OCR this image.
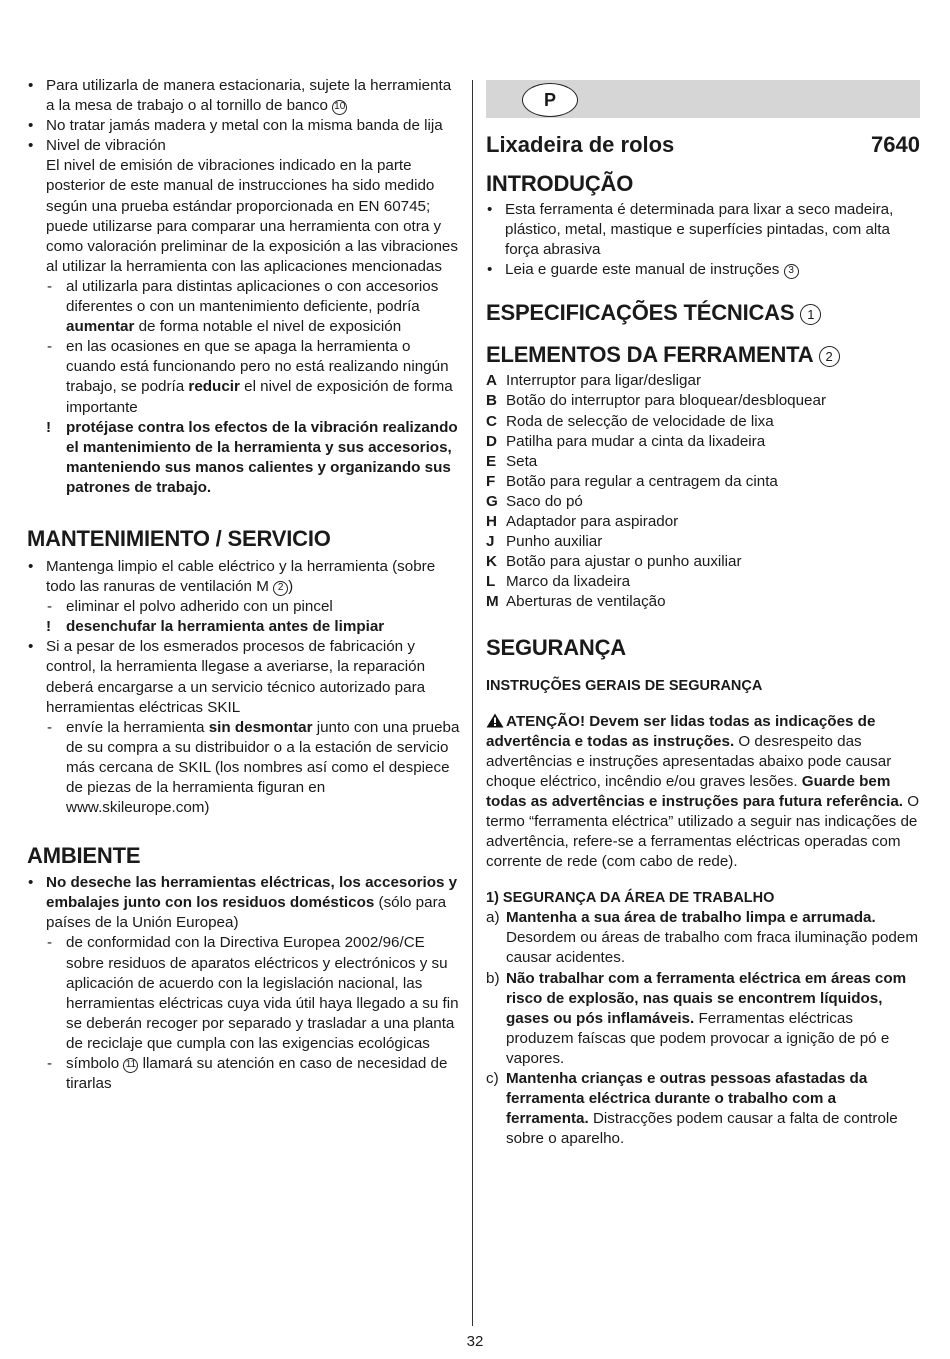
• Para utilizarla de manera estacionaria, sujete la herramienta a la mesa de trabajo o al tornillo de banco 10
• No tratar jamás madera y metal con la misma banda de lija
• Nivel de vibración
El nivel de emisión de vibraciones indicado en la parte posterior de este manual de instrucciones ha sido medido según una prueba estándar proporcionada en EN 60745; puede utilizarse para comparar una herramienta con otra y como valoración preliminar de la exposición a las vibraciones al utilizar la herramienta con las aplicaciones mencionadas
- al utilizarla para distintas aplicaciones o con accesorios diferentes o con un mantenimiento deficiente, podría aumentar de forma notable el nivel de exposición
- en las ocasiones en que se apaga la herramienta o cuando está funcionando pero no está realizando ningún trabajo, se podría reducir el nivel de exposición de forma importante
! protéjase contra los efectos de la vibración realizando el mantenimiento de la herramienta y sus accesorios, manteniendo sus manos calientes y organizando sus patrones de trabajo.
MANTENIMIENTO / SERVICIO
• Mantenga limpio el cable eléctrico y la herramienta (sobre todo las ranuras de ventilación M 2 )
- eliminar el polvo adherido con un pincel
! desenchufar la herramienta antes de limpiar
• Si a pesar de los esmerados procesos de fabricación y control, la herramienta llegase a averiarse, la reparación deberá encargarse a un servicio técnico autorizado para herramientas eléctricas SKIL
- envíe la herramienta sin desmontar junto con una prueba de su compra a su distribuidor o a la estación de servicio más cercana de SKIL (los nombres así como el despiece de piezas de la herramienta figuran en www.skileurope.com)
AMBIENTE
• No deseche las herramientas eléctricas, los accesorios y embalajes junto con los residuos domésticos (sólo para países de la Unión Europea)
- de conformidad con la Directiva Europea 2002/96/CE sobre residuos de aparatos eléctricos y electrónicos y su aplicación de acuerdo con la legislación nacional, las herramientas eléctricas cuya vida útil haya llegado a su fin se deberán recoger por separado y trasladar a una planta de reciclaje que cumpla con las exigencias ecológicas
- símbolo 11 llamará su atención en caso de necesidad de tirarlas
P
Lixadeira de rolos	7640
INTRODUÇÃO
• Esta ferramenta é determinada para lixar a seco madeira, plástico, metal, mastique e superfícies pintadas, com alta força abrasiva
• Leia e guarde este manual de instruções 3
ESPECIFICAÇÕES TÉCNICAS 1
ELEMENTOS DA FERRAMENTA 2
A Interruptor para ligar/desligar
B Botão do interruptor para bloquear/desbloquear
C Roda de selecção de velocidade de lixa
D Patilha para mudar a cinta da lixadeira
E Seta
F Botão para regular a centragem da cinta
G Saco do pó
H Adaptador para aspirador
J Punho auxiliar
K Botão para ajustar o punho auxiliar
L Marco da lixadeira
M Aberturas de ventilação
SEGURANÇA
INSTRUÇÕES GERAIS DE SEGURANÇA
ATENÇÃO! Devem ser lidas todas as indicações de advertência e todas as instruções. O desrespeito das advertências e instruções apresentadas abaixo pode causar choque eléctrico, incêndio e/ou graves lesões. Guarde bem todas as advertências e instruções para futura referência. O termo “ferramenta eléctrica” utilizado a seguir nas indicações de advertência, refere-se a ferramentas eléctricas operadas com corrente de rede (com cabo de rede).
1) SEGURANÇA DA ÁREA DE TRABALHO
a) Mantenha a sua área de trabalho limpa e arrumada. Desordem ou áreas de trabalho com fraca iluminação podem causar acidentes.
b) Não trabalhar com a ferramenta eléctrica em áreas com risco de explosão, nas quais se encontrem líquidos, gases ou pós inflamáveis. Ferramentas eléctricas produzem faíscas que podem provocar a ignição de pó e vapores.
c) Mantenha crianças e outras pessoas afastadas da ferramenta eléctrica durante o trabalho com a ferramenta. Distracções podem causar a falta de controle sobre o aparelho.
32
